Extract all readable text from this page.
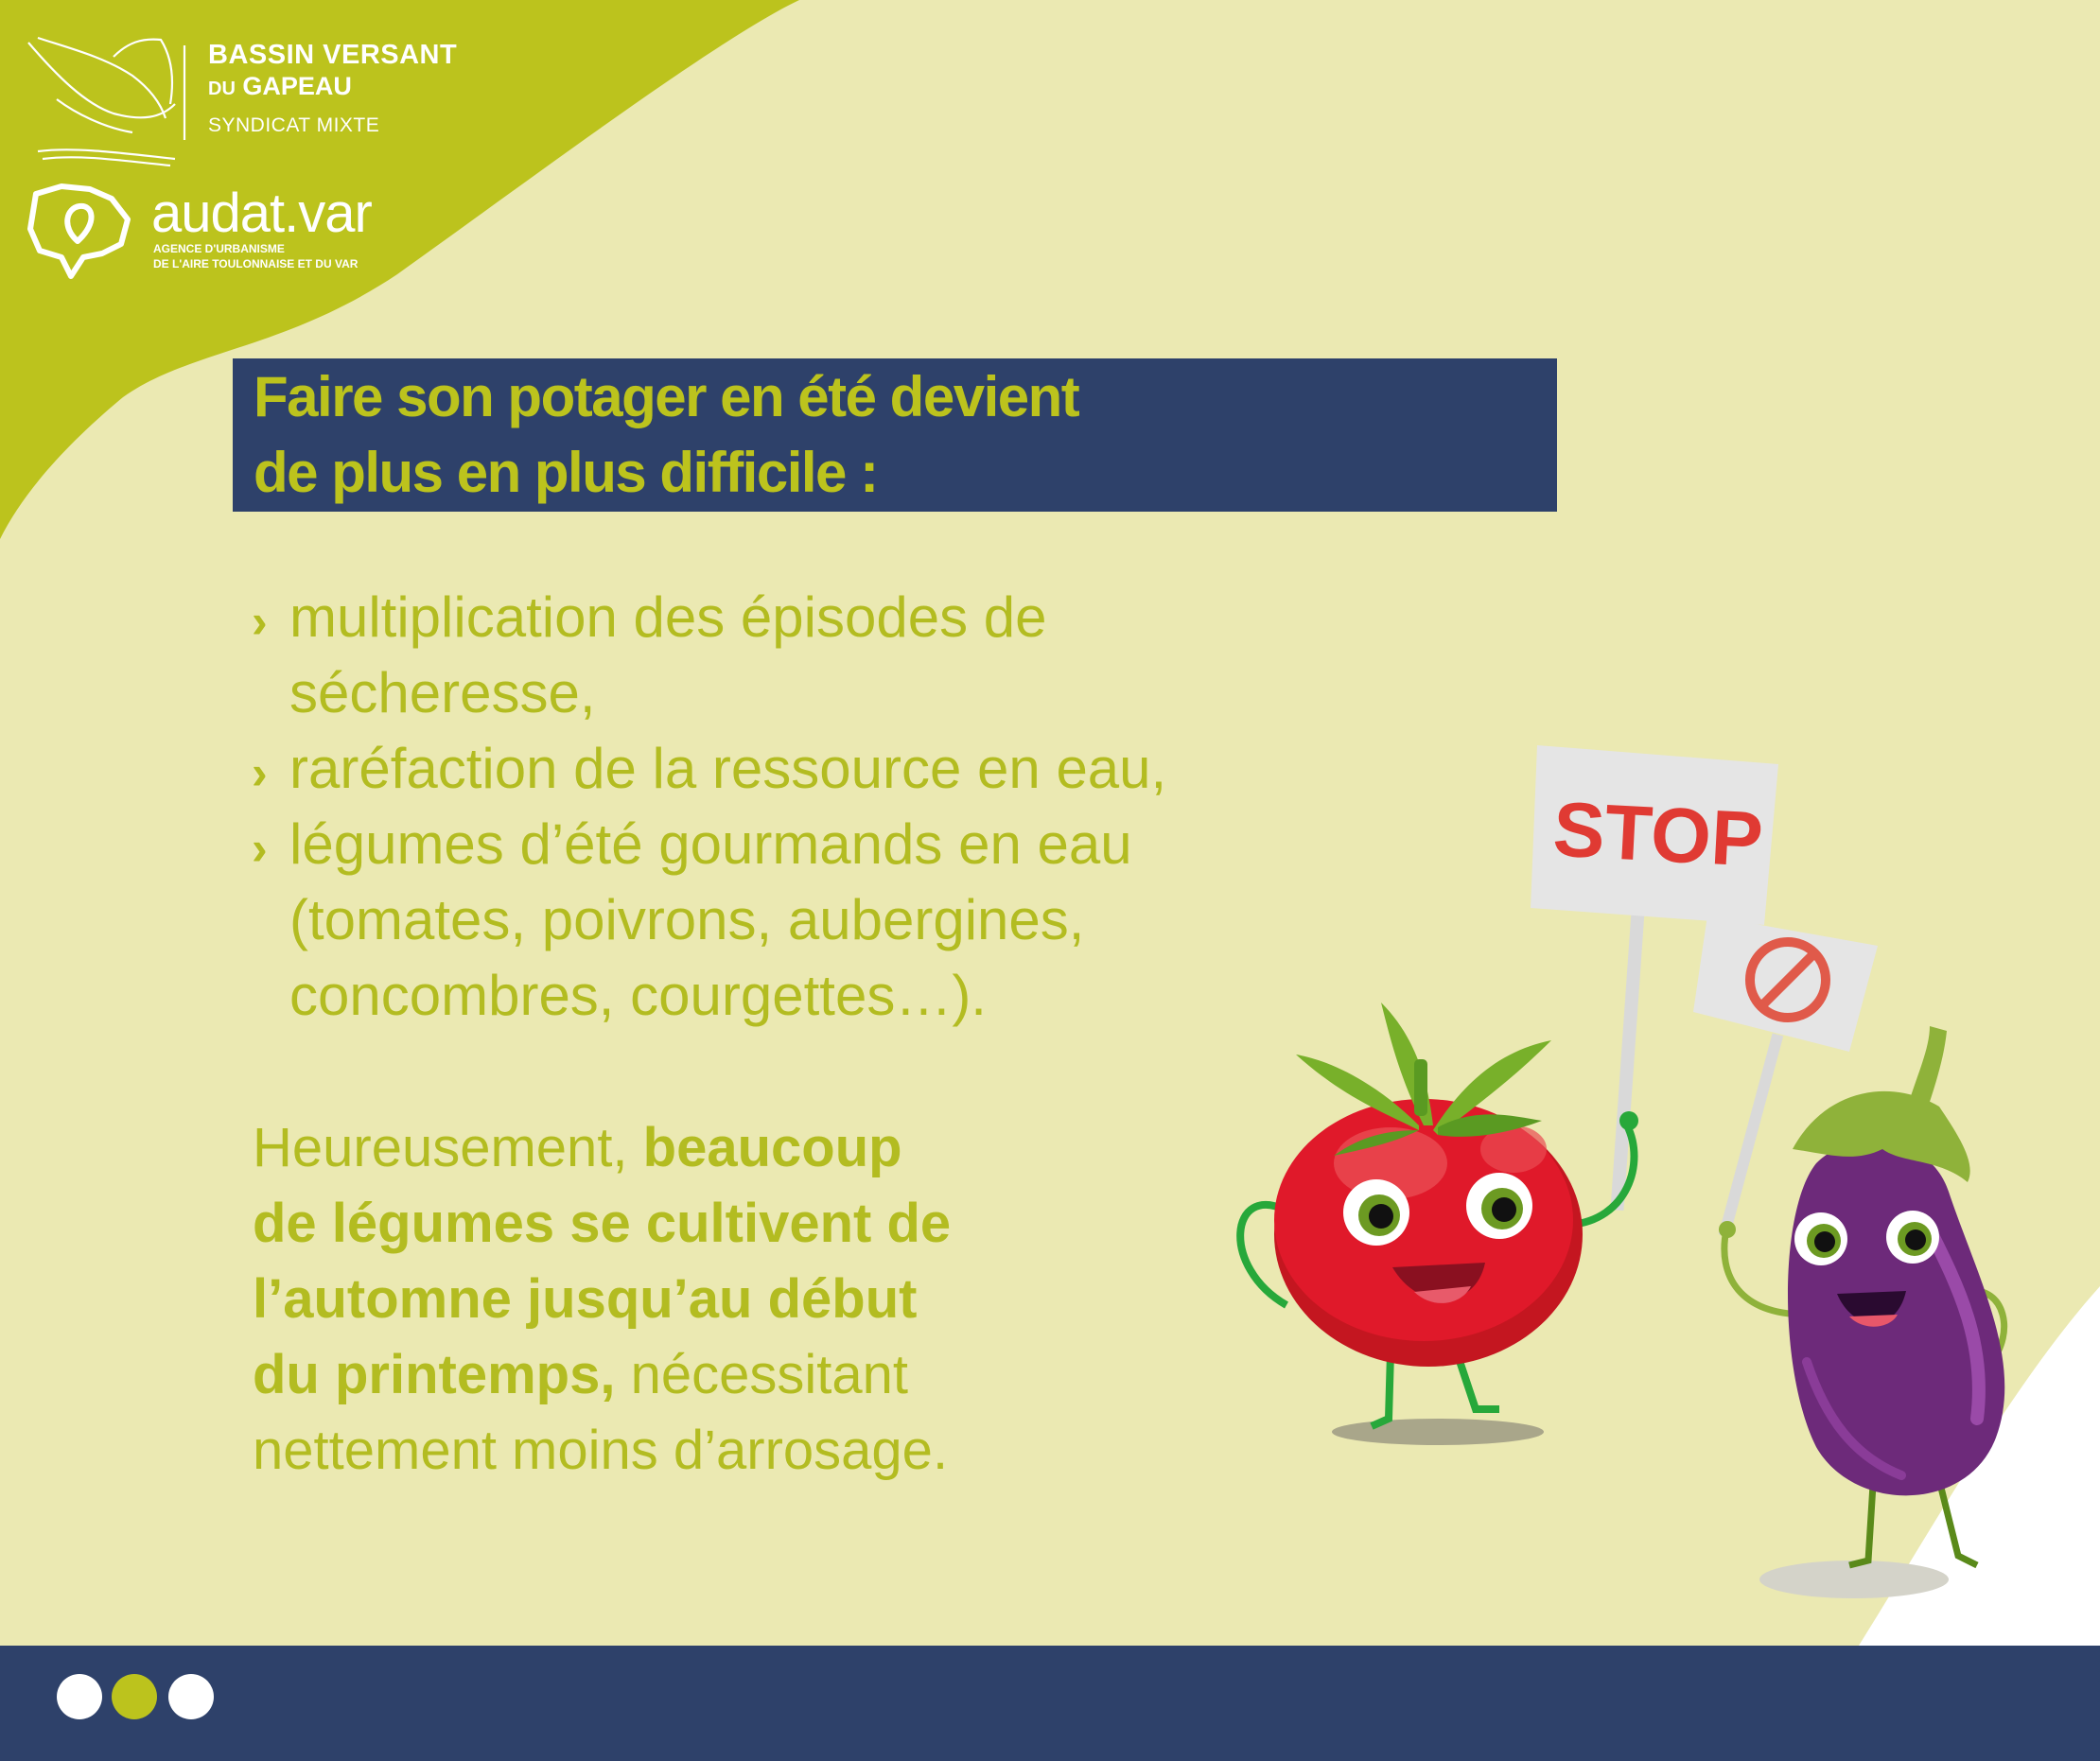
STOP
BASSIN VERSANT
DU GAPEAU
SYNDICAT MIXTE
audat.var
AGENCE D'URBANISME
DE L'AIRE TOULONNAISE ET DU VAR
Faire son potager en été devient
de plus en plus difficile :
› multiplication des épisodes de
sécheresse,
› raréfaction de la ressource en eau,
› légumes d’été gourmands en eau
(tomates, poivrons, aubergines,
concombres, courgettes…).
Heureusement, beaucoup
de légumes se cultivent de
l’automne jusqu’au début
du printemps, nécessitant
nettement moins d’arrosage.
